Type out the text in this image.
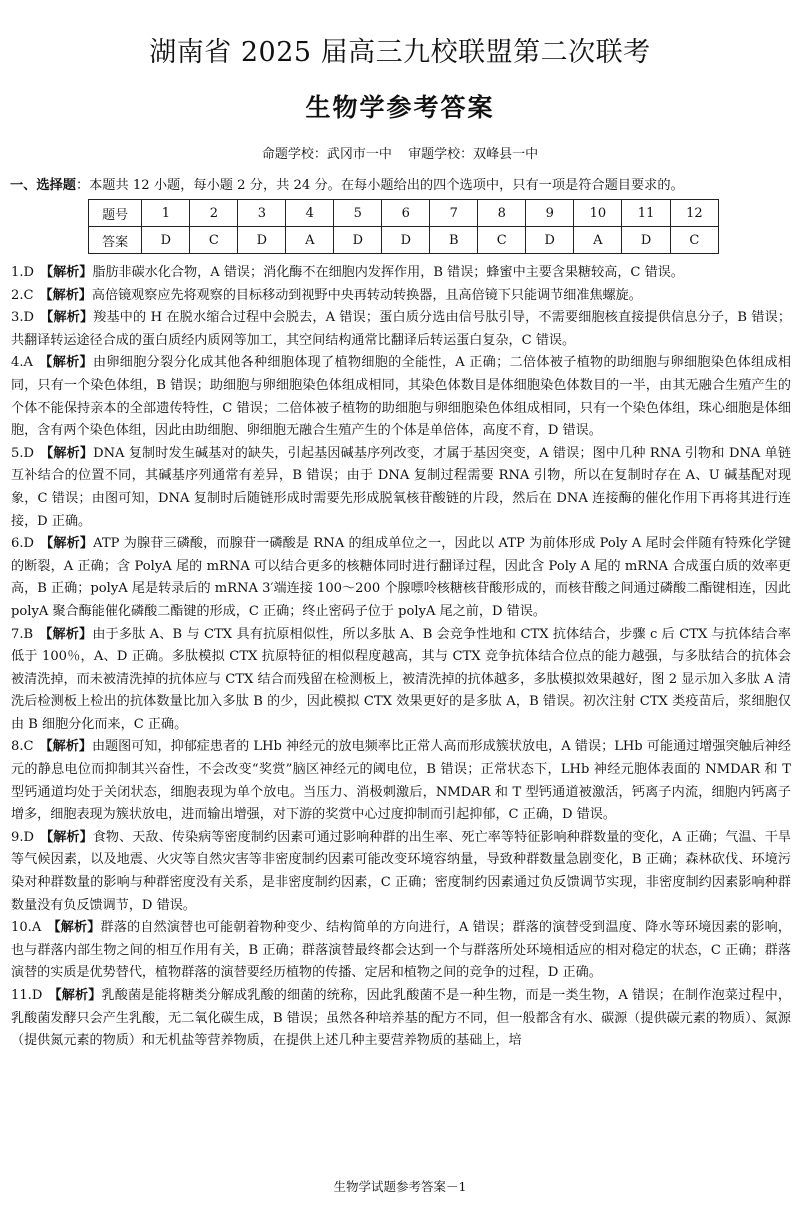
湖南省 2025 届高三九校联盟第二次联考
生物学参考答案
命题学校：武冈市一中 审题学校：双峰县一中
一、选择题：本题共 12 小题，每小题 2 分，共 24 分。在每小题给出的四个选项中，只有一项是符合题目要求的。
题号	1	2	3	4	5	6	7	8	9	10	11	12
答案	D	C	D	A	D	D	B	C	D	A	D	C
1.D 【解析】脂肪非碳水化合物，A 错误；消化酶不在细胞内发挥作用，B 错误；蜂蜜中主要含果糖较高，C 错误。
2.C 【解析】高倍镜观察应先将观察的目标移动到视野中央再转动转换器，且高倍镜下只能调节细准焦螺旋。
3.D 【解析】羧基中的 H 在脱水缩合过程中会脱去，A 错误；蛋白质分选由信号肽引导，不需要细胞核直接提供信息分子，B 错误；共翻译转运途径合成的蛋白质经内质网等加工，其空间结构通常比翻译后转运蛋白复杂，C 错误。
4.A 【解析】由卵细胞分裂分化成其他各种细胞体现了植物细胞的全能性，A 正确；二倍体被子植物的助细胞与卵细胞染色体组成相同，只有一个染色体组，B 错误；助细胞与卵细胞染色体组成相同，其染色体数目是体细胞染色体数目的一半，由其无融合生殖产生的个体不能保持亲本的全部遗传特性，C 错误；二倍体被子植物的助细胞与卵细胞染色体组成相同，只有一个染色体组，珠心细胞是体细胞，含有两个染色体组，因此由助细胞、卵细胞无融合生殖产生的个体是单倍体，高度不育，D 错误。
5.D 【解析】DNA 复制时发生碱基对的缺失，引起基因碱基序列改变，才属于基因突变，A 错误；图中几种 RNA 引物和 DNA 单链互补结合的位置不同，其碱基序列通常有差异，B 错误；由于 DNA 复制过程需要 RNA 引物，所以在复制时存在 A、U 碱基配对现象，C 错误；由图可知，DNA 复制时后随链形成时需要先形成脱氧核苷酸链的片段，然后在 DNA 连接酶的催化作用下再将其进行连接，D 正确。
6.D 【解析】ATP 为腺苷三磷酸，而腺苷一磷酸是 RNA 的组成单位之一，因此以 ATP 为前体形成 Poly A 尾时会伴随有特殊化学键的断裂，A 正确；含 PolyA 尾的 mRNA 可以结合更多的核糖体同时进行翻译过程，因此含 Poly A 尾的 mRNA 合成蛋白质的效率更高，B 正确；polyA 尾是转录后的 mRNA 3′端连接 100～200 个腺嘌呤核糖核苷酸形成的，而核苷酸之间通过磷酸二酯键相连，因此 polyA 聚合酶能催化磷酸二酯键的形成，C 正确；终止密码子位于 polyA 尾之前，D 错误。
7.B 【解析】由于多肽 A、B 与 CTX 具有抗原相似性，所以多肽 A、B 会竞争性地和 CTX 抗体结合，步骤 c 后 CTX 与抗体结合率低于 100％，A、D 正确。多肽模拟 CTX 抗原特征的相似程度越高，其与 CTX 竞争抗体结合位点的能力越强，与多肽结合的抗体会被清洗掉，而未被清洗掉的抗体应与 CTX 结合而残留在检测板上，被清洗掉的抗体越多，多肽模拟效果越好，图 2 显示加入多肽 A 清洗后检测板上检出的抗体数量比加入多肽 B 的少，因此模拟 CTX 效果更好的是多肽 A，B 错误。初次注射 CTX 类疫苗后，浆细胞仅由 B 细胞分化而来，C 正确。
8.C 【解析】由题图可知，抑郁症患者的 LHb 神经元的放电频率比正常人高而形成簇状放电，A 错误；LHb 可能通过增强突触后神经元的静息电位而抑制其兴奋性，不会改变“奖赏”脑区神经元的阈电位，B 错误；正常状态下，LHb 神经元胞体表面的 NMDAR 和 T 型钙通道均处于关闭状态，细胞表现为单个放电。当压力、消极刺激后，NMDAR 和 T 型钙通道被激活，钙离子内流，细胞内钙离子增多，细胞表现为簇状放电，进而输出增强，对下游的奖赏中心过度抑制而引起抑郁，C 正确，D 错误。
9.D 【解析】食物、天敌、传染病等密度制约因素可通过影响种群的出生率、死亡率等特征影响种群数量的变化，A 正确；气温、干旱等气候因素，以及地震、火灾等自然灾害等非密度制约因素可能改变环境容纳量，导致种群数量急剧变化，B 正确；森林砍伐、环境污染对种群数量的影响与种群密度没有关系，是非密度制约因素，C 正确；密度制约因素通过负反馈调节实现，非密度制约因素影响种群数量没有负反馈调节，D 错误。
10.A 【解析】群落的自然演替也可能朝着物种变少、结构简单的方向进行，A 错误；群落的演替受到温度、降水等环境因素的影响，也与群落内部生物之间的相互作用有关，B 正确；群落演替最终都会达到一个与群落所处环境相适应的相对稳定的状态，C 正确；群落演替的实质是优势替代，植物群落的演替要经历植物的传播、定居和植物之间的竞争的过程，D 正确。
11.D 【解析】乳酸菌是能将糖类分解成乳酸的细菌的统称，因此乳酸菌不是一种生物，而是一类生物，A 错误；在制作泡菜过程中，乳酸菌发酵只会产生乳酸，无二氧化碳生成，B 错误；虽然各种培养基的配方不同，但一般都含有水、碳源（提供碳元素的物质）、氮源（提供氮元素的物质）和无机盐等营养物质，在提供上述几种主要营养物质的基础上，培
生物学试题参考答案－1
